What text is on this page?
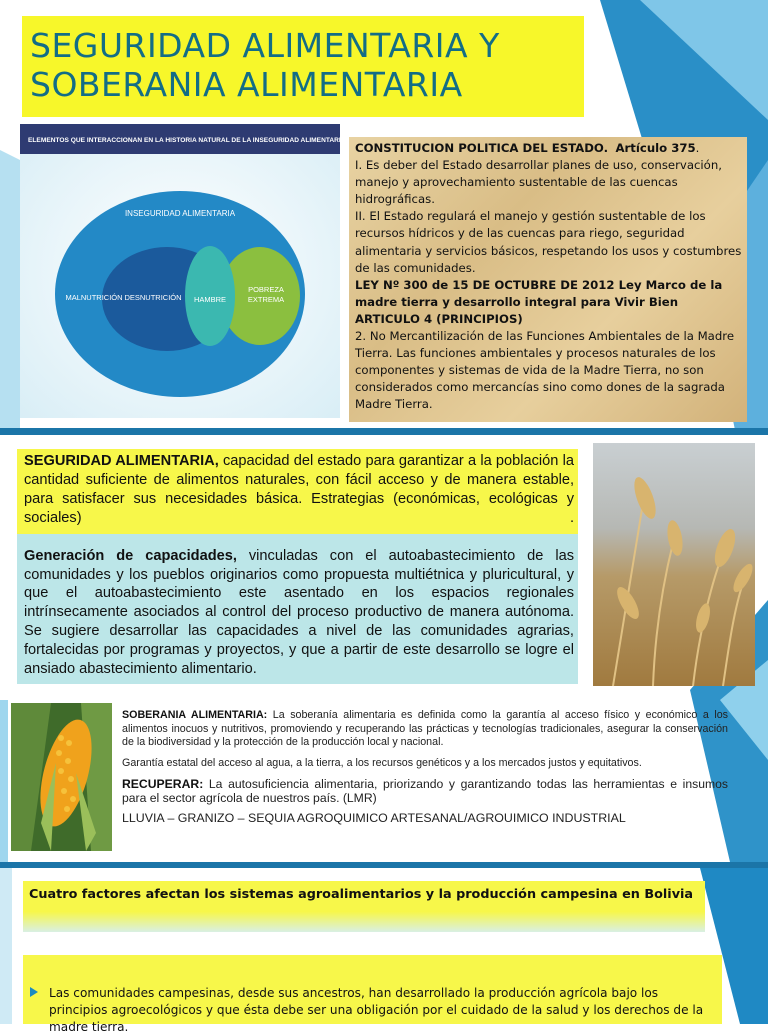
SEGURIDAD ALIMENTARIA Y
SOBERANIA ALIMENTARIA
ELEMENTOS QUE INTERACCIONAN EN LA HISTORIA NATURAL DE LA INSEGURIDAD ALIMENTARIA
INSEGURIDAD ALIMENTARIA
MALNUTRICIÓN DESNUTRICIÓN HAMBRE
POBREZA
EXTREMA

CONSTITUCION POLITICA DEL ESTADO. Artículo 375.

I. Es deber del Estado desarrollar planes de uso, conservación, manejo y aprovechamiento sustentable de las cuencas hidrográficas.

II. El Estado regulará el manejo y gestión sustentable de los recursos hídricos y de las cuencas para riego, seguridad alimentaria y servicios básicos, respetando los usos y costumbres de las comunidades.

LEY Nº 300 de 15 DE OCTUBRE DE 2012 Ley Marco de la madre tierra y desarrollo integral para Vivir Bien

ARTICULO 4 (PRINCIPIOS)

2. No Mercantilización de las Funciones Ambientales de la Madre Tierra. Las funciones ambientales y procesos naturales de los componentes y sistemas de vida de la Madre Tierra, no son considerados como mercancías sino como dones de la sagrada Madre Tierra.

SEGURIDAD ALIMENTARIA, capacidad del estado para garantizar a la población la cantidad suficiente de alimentos naturales, con fácil acceso y de manera estable, para satisfacer sus necesidades básica. Estrategias (económicas, ecológicas y sociales)	.

Generación de capacidades, vinculadas con el autoabastecimiento de las comunidades y los pueblos originarios como propuesta multiétnica y pluricultural, y que el autoabastecimiento este asentado en los espacios regionales intrínsecamente asociados al control del proceso productivo de manera autónoma. Se sugiere desarrollar las capacidades a nivel de las comunidades agrarias, fortalecidas por programas y proyectos, y que a partir de este desarrollo se logre el ansiado abastecimiento alimentario.

SOBERANIA ALIMENTARIA: La soberanía alimentaria es definida como la garantía al acceso físico y económico a los alimentos inocuos y nutritivos, promoviendo y recuperando las prácticas y tecnologías tradicionales, asegurar la conservación de la biodiversidad y la protección de la producción local y nacional.

Garantía estatal del acceso al agua, a la tierra, a los recursos genéticos y a los mercados justos y equitativos.

RECUPERAR: La autosuficiencia alimentaria, priorizando y garantizando todas las herramientas e insumos para el sector agrícola de nuestros país. (LMR)

LLUVIA – GRANIZO – SEQUIA AGROQUIMICO ARTESANAL/AGROUIMICO INDUSTRIAL

Cuatro factores afectan los sistemas agroalimentarios y la producción campesina en Bolivia
Las comunidades campesinas, desde sus ancestros, han desarrollado la producción agrícola bajo los principios agroecológicos y que ésta debe ser una obligación por el cuidado de la salud y los derechos de la madre tierra.
